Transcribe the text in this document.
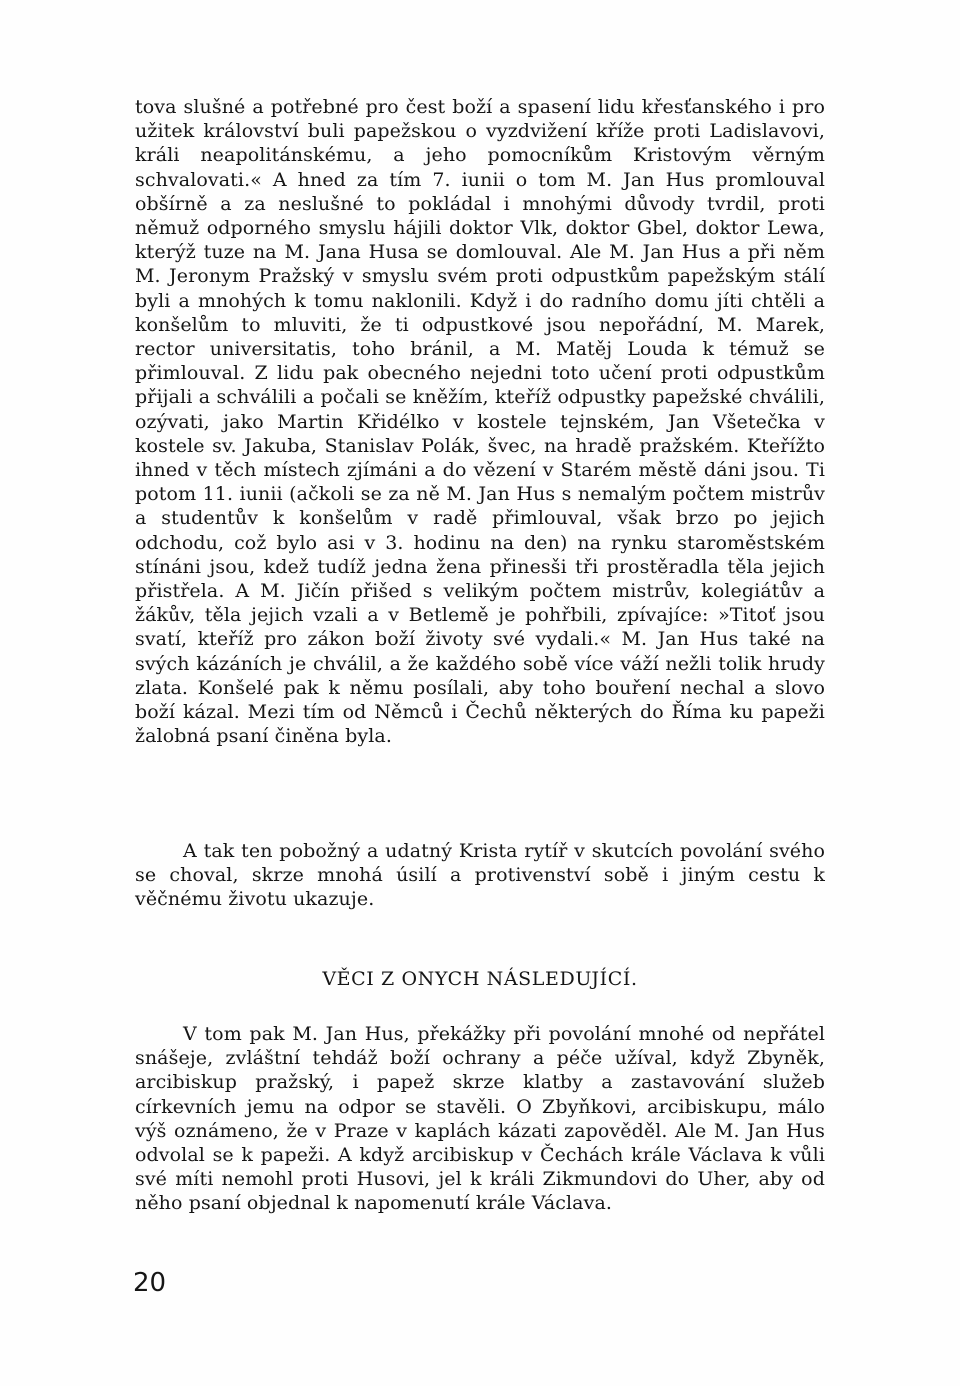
tova slušné a potřebné pro čest boží a spasení lidu křesťanského i pro užitek království buli papežskou o vyzdvižení kříže proti Ladislavovi, králi neapolitánskému, a jeho pomocníkům Kristovým věrným schvalovati.« A hned za tím 7. iunii o tom M. Jan Hus promlouval obšírně a za neslušné to pokládal i mnohými důvody tvrdil, proti němuž odporného smyslu hájili doktor Vlk, doktor Gbel, doktor Lewa, kterýž tuze na M. Jana Husa se domlouval. Ale M. Jan Hus a při něm M. Jeronym Pražský v smyslu svém proti odpustkům papežským stálí byli a mnohých k tomu naklonili. Když i do radního domu jíti chtěli a konšelům to mluviti, že ti odpustkové jsou nepořádní, M. Marek, rector universitatis, toho bránil, a M. Matěj Louda k témuž se přimlouval. Z lidu pak obecného nejedni toto učení proti odpustkům přijali a schválili a počali se kněžím, kteříž odpustky papežské chválili, ozývati, jako Martin Křidélko v kostele tejnském, Jan Všetečka v kostele sv. Jakuba, Stanislav Polák, švec, na hradě pražském. Kteřížto ihned v těch místech zjímáni a do vězení v Starém městě dáni jsou. Ti potom 11. iunii (ačkoli se za ně M. Jan Hus s nemalým počtem mistrův a studentův k konšelům v radě přimlouval, však brzo po jejich odchodu, což bylo asi v 3. hodinu na den) na rynku staroměstském stínáni jsou, kdež tudíž jedna žena přinesši tři prostěradla těla jejich přistřela. A M. Jičín přišed s velikým počtem mistrův, kolegiátův a žákův, těla jejich vzali a v Betlemě je pohřbili, zpívajíce: »Titoť jsou svatí, kteříž pro zákon boží životy své vydali.« M. Jan Hus také na svých kázáních je chválil, a že každého sobě více váží nežli tolik hrudy zlata. Konšelé pak k němu posílali, aby toho bouření nechal a slovo boží kázal. Mezi tím od Němců i Čechů některých do Říma ku papeži žalobná psaní činěna byla.

A tak ten pobožný a udatný Krista rytíř v skutcích povolání svého se choval, skrze mnohá úsilí a protivenství sobě i jiným cestu k věčnému životu ukazuje.

VĚCI Z ONYCH NÁSLEDUJÍCÍ.

V tom pak M. Jan Hus, překážky při povolání mnohé od nepřátel snášeje, zvláštní tehdáž boží ochrany a péče užíval, když Zbyněk, arcibiskup pražský, i papež skrze klatby a zastavování služeb církevních jemu na odpor se stavěli. O Zbyňkovi, arcibiskupu, málo výš oznámeno, že v Praze v kaplách kázati zapověděl. Ale M. Jan Hus odvolal se k papeži. A když arcibiskup v Čechách krále Václava k vůli své míti nemohl proti Husovi, jel k králi Zikmundovi do Uher, aby od něho psaní objednal k napomenutí krále Václava.

20
